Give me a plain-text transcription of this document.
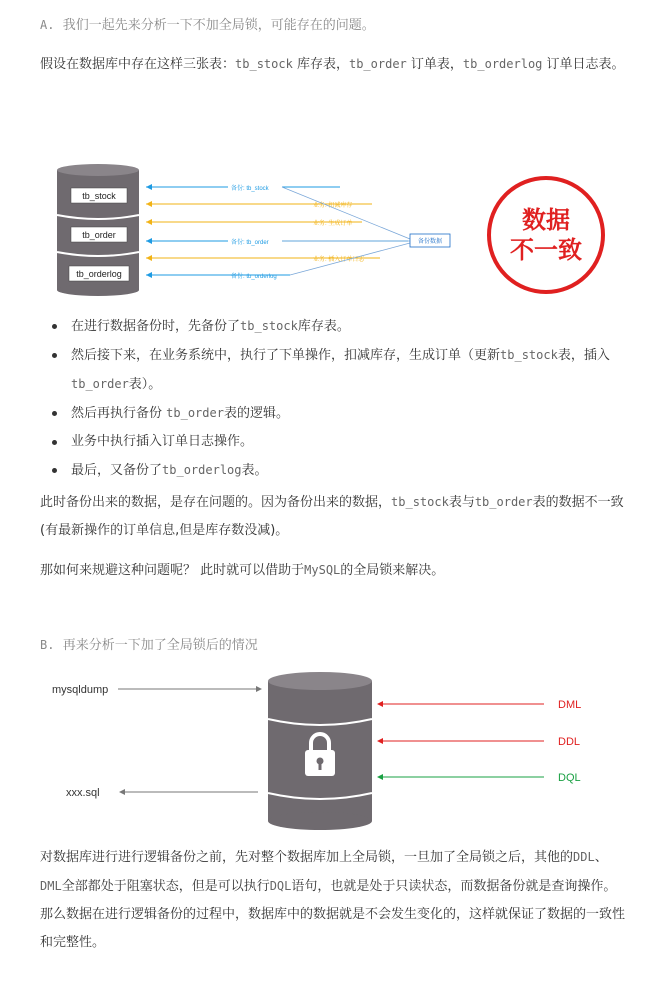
A. 我们一起先来分析一下不加全局锁，可能存在的问题。

假设在数据库中存在这样三张表：tb_stock 库存表，tb_order 订单表，tb_orderlog 订单日志表。

tb_stock
tb_order
tb_orderlog
备份: tb_stock
业务: 扣减库存
业务: 生成订单
备份: tb_order
业务: 插入订单日志
备份: tb_orderlog
备份数据
数据
不一致
在进行数据备份时，先备份了tb_stock库存表。
然后接下来，在业务系统中，执行了下单操作，扣减库存，生成订单（更新tb_stock表，插入tb_order表）。
然后再执行备份 tb_order表的逻辑。
业务中执行插入订单日志操作。
最后，又备份了tb_orderlog表。

此时备份出来的数据，是存在问题的。因为备份出来的数据，tb_stock表与tb_order表的数据不一致(有最新操作的订单信息,但是库存数没减)。

那如何来规避这种问题呢？ 此时就可以借助于MySQL的全局锁来解决。

B. 再来分析一下加了全局锁后的情况

mysqldump
xxx.sql
DML
DDL
DQL

对数据库进行进行逻辑备份之前，先对整个数据库加上全局锁，一旦加了全局锁之后，其他的DDL、DML全部都处于阻塞状态，但是可以执行DQL语句，也就是处于只读状态，而数据备份就是查询操作。那么数据在进行逻辑备份的过程中，数据库中的数据就是不会发生变化的，这样就保证了数据的一致性和完整性。
